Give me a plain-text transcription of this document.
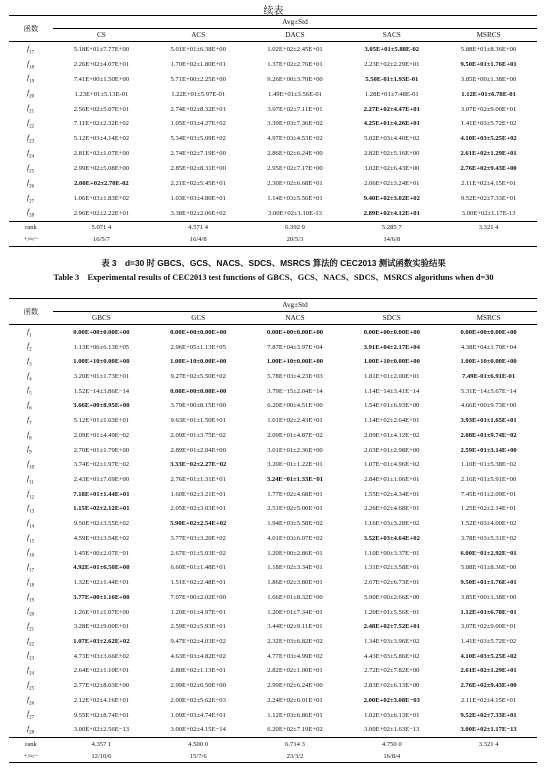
续表
函数	Avg±Std				
	CS	ACS	DACS	SACS	MSRCS
$f_{17}$	5.18E+01±7.77E+00	5.01E+01±6.38E+00	1.02E+02±2.45E+01	3.05E+01±5.88E-02	5.88E+01±8.36E+00
$f_{18}$	2.26E+02±4.07E+01	1.70E+02±1.80E+01	1.37E+02±2.76E+01	2.23E+02±2.29E+01	9.50E+01±1.76E+01
$f_{19}$	7.41E+00±1.50E+00	5.71E+00±2.25E+00	9.26E+00±3.70E+00	5.50E-01±1.93E-01	3.85E+00±1.38E+00
$f_{20}$	1.23E+01±5.13E-01	1.22E+01±5.97E-01	1.49E+01±3.56E-01	1.28E+01±7.48E-01	1.12E+01±6.78E-01
$f_{21}$	2.56E+02±5.07E+01	2.74E+02±8.32E+01	3.07E+02±7.11E+01	2.27E+02±4.47E+01	3.07E+02±9.00E+01
$f_{22}$	7.11E+02±2.32E+02	1.05E+03±4.27E+02	3.39E+03±7.36E+02	4.25E+01±4.26E+01	1.41E+03±5.72E+02
$f_{23}$	5.12E+03±4.14E+02	5.34E+03±5.09E+02	4.97E+03±4.53E+02	5.02E+03±4.40E+02	4.10E+03±5.25E+02
$f_{24}$	2.81E+02±1.07E+00	2.74E+02±7.19E+00	2.86E+02±6.24E+00	2.82E+02±5.16E+00	2.61E+02±1.29E+01
$f_{25}$	2.99E+02±5.08E+00	2.85E+02±8.31E+00	2.95E+02±7.17E+00	3.02E+02±6.43E+00	2.76E+02±9.43E+00
$f_{26}$	2.00E+02±2.70E-02	2.21E+02±5.45E+01	2.30E+02±6.68E+01	2.06E+02±3.24E+01	2.11E+02±4.15E+01
$f_{27}$	1.06E+03±1.83E+02	1.03E+03±4.80E+01	1.14E+03±5.56E+01	9.40E+02±3.02E+02	9.52E+02±7.33E+01
$f_{28}$	2.96E+02±2.22E+01	3.38E+02±2.06E+02	3.00E+02±1.10E-13	2.89E+02±4.12E+01	3.00E+02±1.17E-13
rank	5.071 4	4.571 4	6.392 9	5.285 7	3.321 4
+/≈/−	16/5/7	16/4/8	20/5/3	14/6/8	
表 3　d=30 时 GBCS、GCS、NACS、SDCS、MSRCS 算法的 CEC2013 测试函数实验结果
Table 3　Experimental results of CEC2013 test functions of GBCS、GCS、NACS、SDCS、MSRCS algorithms when d=30
函数	Avg±Std				
	GBCS	GCS	NACS	SDCS	MSRCS
$f_1$	0.00E+00±0.00E+00	0.00E+00±0.00E+00	0.00E+00±0.00E+00	0.00E+00±0.00E+00	0.00E+00±0.00E+00
$f_2$	1.13E+06±6.13E+05	2.96E+05±1.13E+05	7.87E+04±3.97E+04	3.91E+04±2.17E+04	4.38E+04±1.70E+04
$f_3$	1.00E+10±0.00E+00	1.00E+10±0.00E+00	1.00E+10±0.00E+00	1.00E+10±0.00E+00	1.00E+10±0.00E+00
$f_4$	3.20E+01±1.73E+01	9.27E+02±5.50E+02	5.78E+03±4.23E+03	1.81E+01±2.00E+01	7.49E-01±6.91E-01
$f_5$	1.52E−14±3.86E−14	0.00E+00±0.00E+00	3.79E−15±2.04E−14	1.14E−14±3.41E−14	5.31E−14±5.67E−14
$f_6$	3.66E+00±8.95E+00	3.79E+00±8.15E+00	6.20E+00±4.51E+00	1.54E+01±6.93E+00	4.66E+00±9.73E+00
$f_7$	5.12E+01±1.63E+01	9.63E+01±1.50E+01	1.01E+02±2.43E+01	1.14E+02±2.64E+01	3.93E+01±1.65E+01
$f_8$	2.09E+01±4.49E−02	2.09E+01±3.75E−02	2.09E+01±4.87E−02	2.09E+01±4.12E−02	2.08E+01±9.74E−02
$f_9$	2.70E+01±1.79E+00	2.89E+01±2.04E+00	3.01E+01±2.36E+00	2.63E+01±2.98E+00	2.59E+01±3.14E+00
$f_{10}$	3.74E−02±1.97E−02	3.33E−02±2.27E−02	3.20E−01±1.22E−01	1.07E−01±4.96E−02	1.10E−01±5.38E−02
$f_{11}$	2.43E+01±7.69E+00	2.76E+01±1.31E+01	3.24E−01±1.33E−01	2.84E+01±1.06E+01	2.16E+01±5.91E+00
$f_{12}$	7.18E+01±1.44E+01	1.60E+02±3.21E+01	1.77E+02±4.68E+01	1.55E+02±4.34E+01	7.45E+01±2.09E+01
$f_{13}$	1.15E+02±2.12E+01	2.05E+02±3.03E+01	2.51E+02±5.00E+01	2.26E+02±4.68E+01	1.25E+02±2.14E+01
$f_{14}$	9.50E+02±3.55E+02	5.90E+02±2.54E+02	1.94E+03±5.58E+02	1.16E+03±3.28E+02	1.52E+03±4.00E+02
$f_{15}$	4.59E+03±3.54E+02	3.77E+03±3.20E+02	4.01E+03±6.07E+02	3.52E+03±4.64E+02	3.78E+03±5.31E+02
$f_{16}$	1.45E+00±2.07E−01	2.67E−01±5.03E−02	1.20E+00±2.86E−01	1.10E+00±3.37E−01	6.00E−01±2.92E−01
$f_{17}$	4.92E+01±6.50E+00	6.60E+01±1.48E+01	1.18E+02±3.34E+01	1.31E+02±3.58E+01	5.88E+01±8.36E+00
$f_{18}$	1.32E+02±1.44E+01	1.51E+02±2.48E+01	1.86E+02±3.80E+01	2.67E+02±6.73E+01	9.50E+01±1.76E+01
$f_{19}$	3.77E+00±1.16E+00	7.07E+00±2.02E+00	1.66E+01±8.32E+00	5.90E+00±2.66E+00	3.85E+00±1.38E+00
$f_{20}$	1.26E+01±1.07E+00	1.20E+01±4.97E−01	1.20E+01±7.34E−01	1.20E+01±5.56E−01	1.12E+01±6.78E−01
$f_{21}$	3.28E+02±9.00E+01	2.59E+02±5.93E+01	3.44E+02±9.11E+01	2.48E+02±7.52E+01	3.07E+02±9.00E+01
$f_{22}$	1.07E+03±2.62E+02	9.47E+02±4.03E+02	2.32E+03±6.82E+02	1.34E+03±3.96E+02	1.41E+03±5.72E+02
$f_{23}$	4.73E+03±3.66E+02	4.63E+03±4.82E+02	4.77E+03±4.99E+02	4.43E+03±5.86E+02	4.10E+03±5.25E+02
$f_{24}$	2.64E+02±1.10E+01	2.80E+02±1.13E+01	2.82E+02±1.00E+01	2.72E+02±7.82E+00	2.61E+02±1.29E+01
$f_{25}$	2.77E+02±8.03E+00	2.99E+02±6.50E+00	2.99E+02±6.24E+00	2.83E+02±6.13E+00	2.76E+02±9.43E+00
$f_{26}$	2.12E+02±4.16E+01	2.00E+02±5.62E−03	2.24E+02±6.01E+01	2.00E+02±3.08E−03	2.11E+02±4.15E+01
$f_{27}$	9.55E+02±8.74E+01	1.09E+03±4.74E+01	1.12E+03±6.86E+01	1.02E+03±6.13E+01	9.52E+02±7.33E+01
$f_{28}$	3.00E+02±2.56E−13	3.00E+02±4.15E−14	6.20E+02±7.19E+02	3.00E+02±1.63E−13	3.00E+02±1.17E−13
rank	4.357 1	4.500 0	6.714 3	4.750 0	3.321 4
+/≈/−	12/10/6	15/7/6	23/3/2	16/8/4	
